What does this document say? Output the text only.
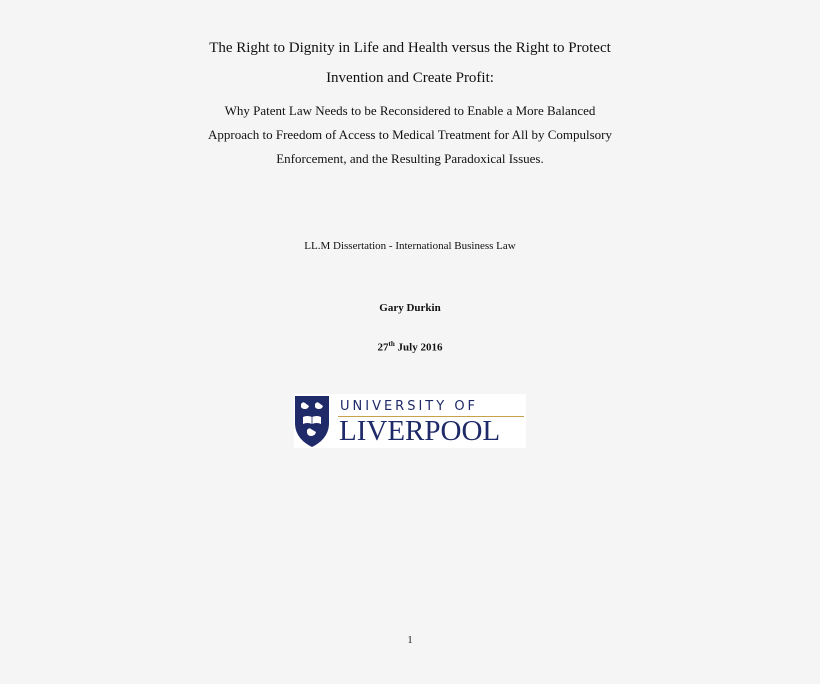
The Right to Dignity in Life and Health versus the Right to Protect
Invention and Create Profit:
Why Patent Law Needs to be Reconsidered to Enable a More Balanced
Approach to Freedom of Access to Medical Treatment for All by Compulsory
Enforcement, and the Resulting Paradoxical Issues.
LL.M Dissertation - International Business Law
Gary Durkin
27th July 2016
UNIVERSITY OF
LIVERPOOL
1
